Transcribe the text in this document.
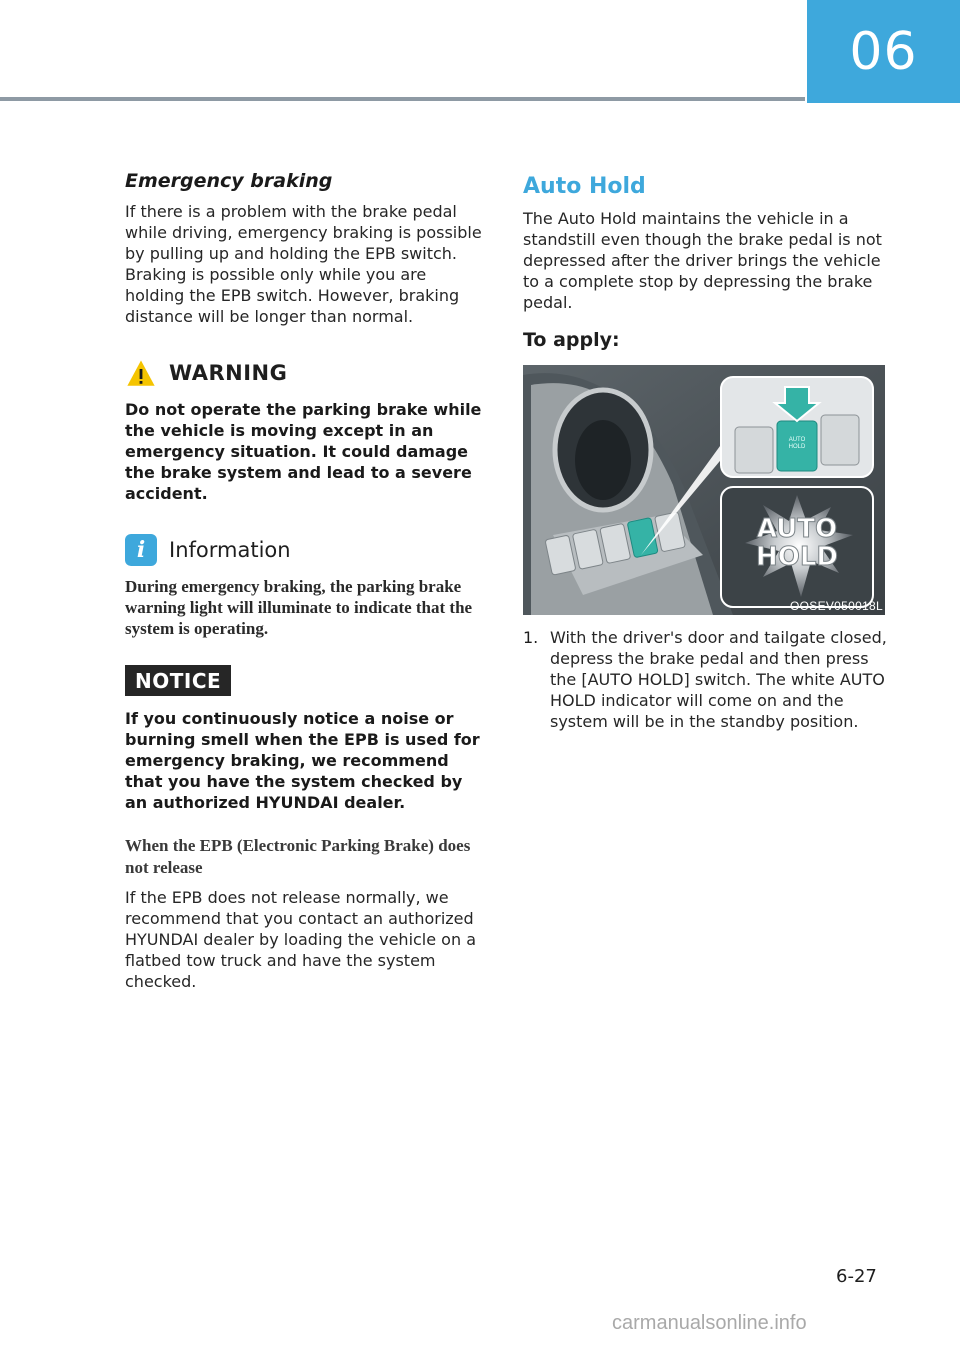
06
Emergency braking

If there is a problem with the brake pedal while driving, emergency braking is possible by pulling up and holding the EPB switch. Braking is possible only while you are holding the EPB switch. However, braking distance will be longer than normal.

WARNING

Do not operate the parking brake while the vehicle is moving except in an emergency situation. It could damage the brake system and lead to a severe accident.

i	Information

During emergency braking, the parking brake warning light will illuminate to indicate that the system is operating.

NOTICE

If you continuously notice a noise or burning smell when the EPB is used for emergency braking, we recommend that you have the system checked by an authorized HYUNDAI dealer.

When the EPB (Electronic Parking Brake) does not release

If the EPB does not release normally, we recommend that you contact an authorized HYUNDAI dealer by loading the vehicle on a flatbed tow truck and have the system checked.

Auto Hold

The Auto Hold maintains the vehicle in a standstill even though the brake pedal is not depressed after the driver brings the vehicle to a complete stop by depressing the brake pedal.

To apply:
AUTO
HOLD
AUTO
HOLD
OOSEV050018L
1. With the driver's door and tailgate closed, depress the brake pedal and then press the [AUTO HOLD] switch. The white AUTO HOLD indicator will come on and the system will be in the standby position.

6-27
carmanualsonline.info
